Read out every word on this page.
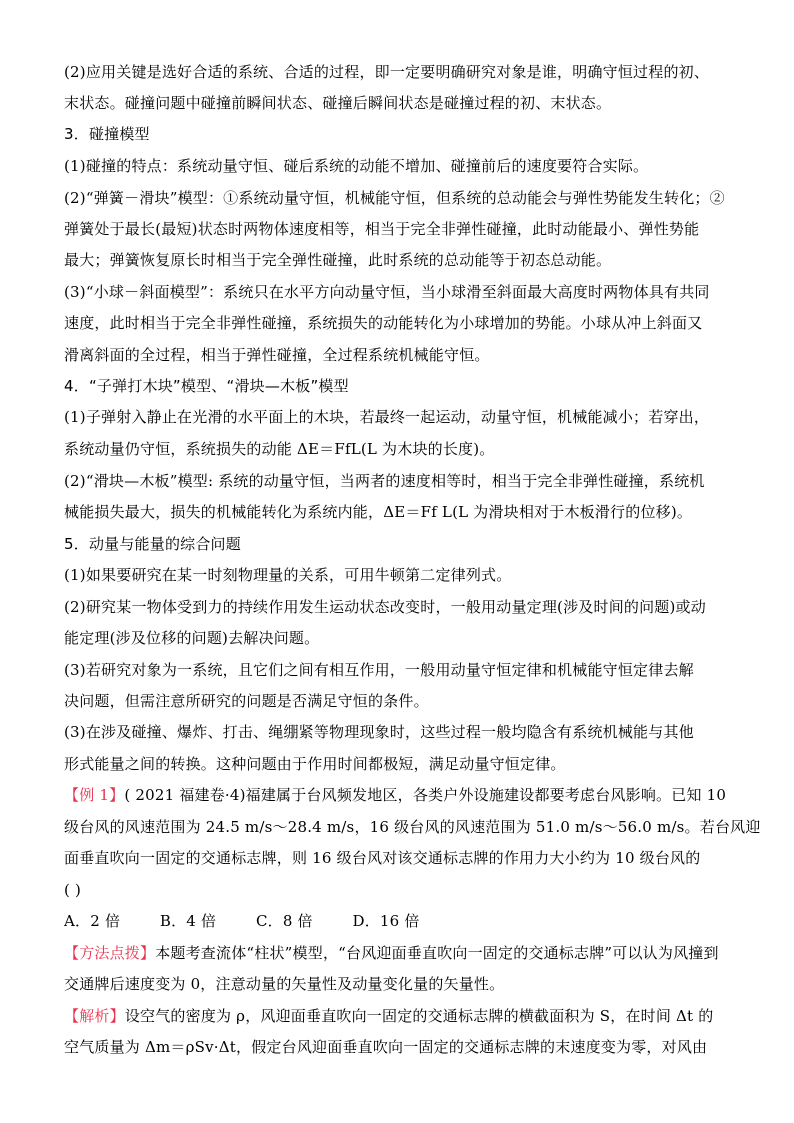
(2)应用关键是选好合适的系统、合适的过程，即一定要明确研究对象是谁，明确守恒过程的初、
末状态。碰撞问题中碰撞前瞬间状态、碰撞后瞬间状态是碰撞过程的初、末状态。
3．碰撞模型
(1)碰撞的特点：系统动量守恒、碰后系统的动能不增加、碰撞前后的速度要符合实际。
(2)“弹簧－滑块”模型：①系统动量守恒，机械能守恒，但系统的总动能会与弹性势能发生转化；②
弹簧处于最长(最短)状态时两物体速度相等，相当于完全非弹性碰撞，此时动能最小、弹性势能
最大；弹簧恢复原长时相当于完全弹性碰撞，此时系统的总动能等于初态总动能。
(3)“小球－斜面模型”：系统只在水平方向动量守恒，当小球滑至斜面最大高度时两物体具有共同
速度，此时相当于完全非弹性碰撞，系统损失的动能转化为小球增加的势能。小球从冲上斜面又
滑离斜面的全过程，相当于弹性碰撞，全过程系统机械能守恒。
4．“子弹打木块”模型、“滑块—木板”模型
(1)子弹射入静止在光滑的水平面上的木块，若最终一起运动，动量守恒，机械能减小；若穿出，
系统动量仍守恒，系统损失的动能 ΔE＝FfL(L 为木块的长度)。
(2)“滑块—木板”模型: 系统的动量守恒，当两者的速度相等时，相当于完全非弹性碰撞，系统机
械能损失最大，损失的机械能转化为系统内能，ΔE＝Ff L(L 为滑块相对于木板滑行的位移)。
5．动量与能量的综合问题
(1)如果要研究在某一时刻物理量的关系，可用牛顿第二定律列式。
(2)研究某一物体受到力的持续作用发生运动状态改变时，一般用动量定理(涉及时间的问题)或动
能定理(涉及位移的问题)去解决问题。
(3)若研究对象为一系统，且它们之间有相互作用，一般用动量守恒定律和机械能守恒定律去解
决问题，但需注意所研究的问题是否满足守恒的条件。
(3)在涉及碰撞、爆炸、打击、绳绷紧等物理现象时，这些过程一般均隐含有系统机械能与其他
形式能量之间的转换。这种问题由于作用时间都极短，满足动量守恒定律。
【例 1】( 2021 福建卷·4)福建属于台风频发地区，各类户外设施建设都要考虑台风影响。已知 10
级台风的风速范围为 24.5 m/s～28.4 m/s，16 级台风的风速范围为 51.0 m/s～56.0 m/s。若台风迎
面垂直吹向一固定的交通标志牌，则 16 级台风对该交通标志牌的作用力大小约为 10 级台风的
( )
A．2 倍        B．4 倍        C．8 倍        D．16 倍
【方法点拨】本题考查流体“柱状”模型，“台风迎面垂直吹向一固定的交通标志牌”可以认为风撞到
交通牌后速度变为 0，注意动量的矢量性及动量变化量的矢量性。
【解析】设空气的密度为 ρ，风迎面垂直吹向一固定的交通标志牌的横截面积为 S，在时间 Δt 的
空气质量为 Δm＝ρSv·Δt，假定台风迎面垂直吹向一固定的交通标志牌的末速度变为零，对风由
